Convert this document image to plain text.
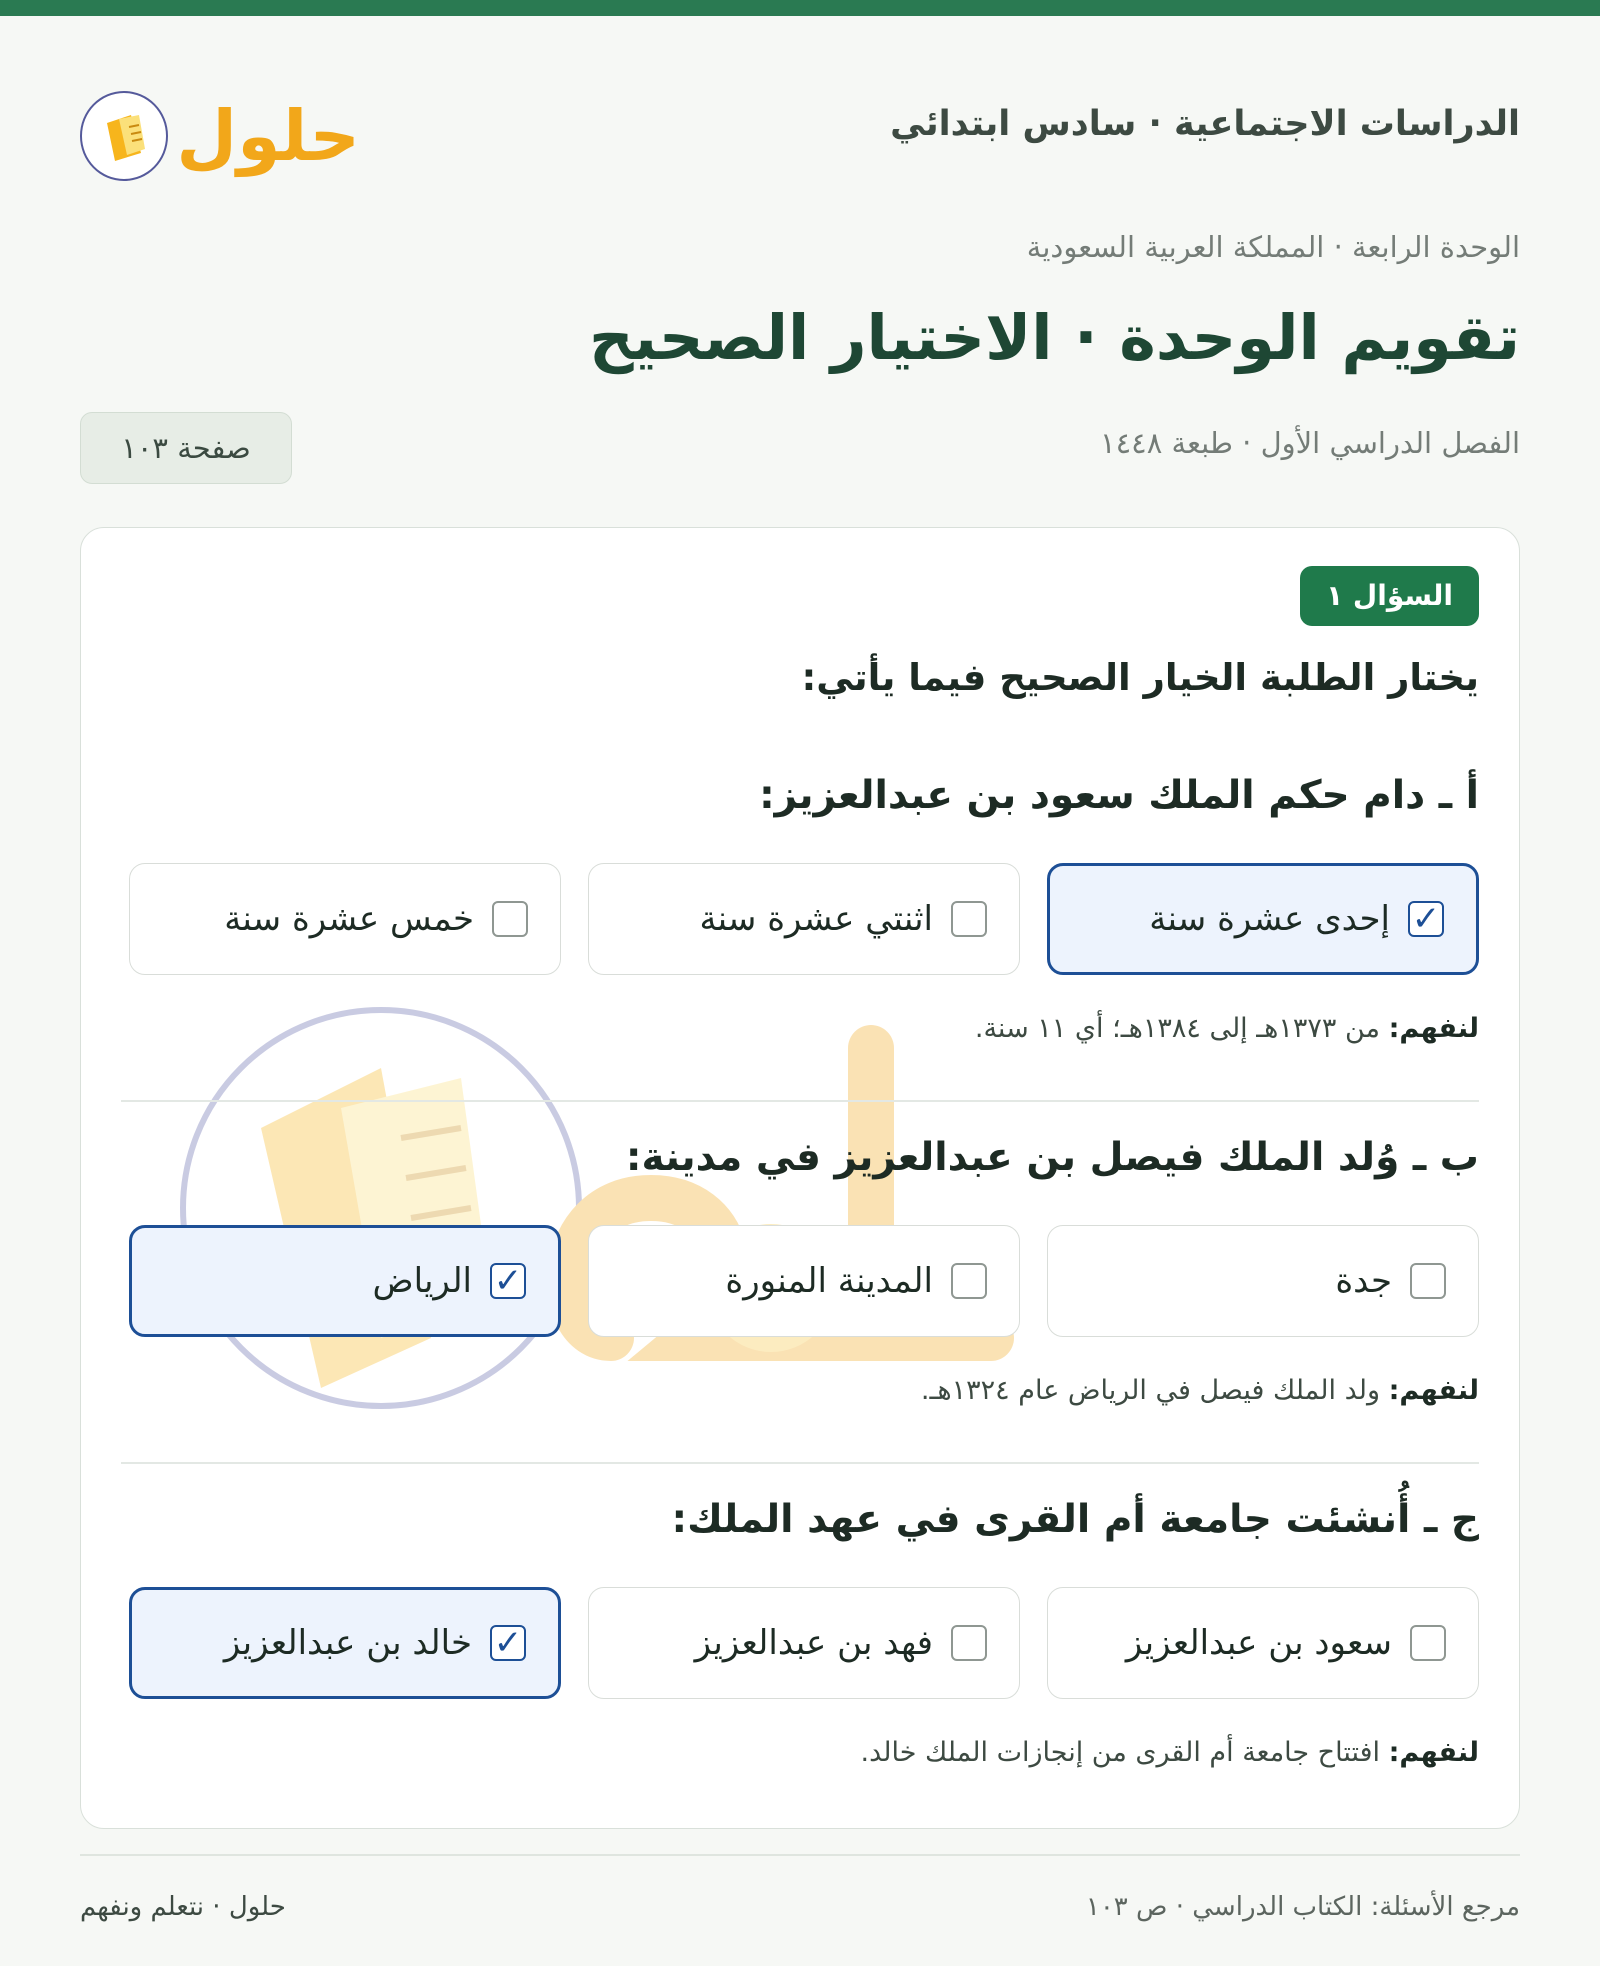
الدراسات الاجتماعية · سادس ابتدائي
حلول
الوحدة الرابعة · المملكة العربية السعودية
تقويم الوحدة · الاختيار الصحيح
الفصل الدراسي الأول · طبعة ١٤٤٨
صفحة ١٠٣
السؤال ١
يختار الطلبة الخيار الصحيح فيما يأتي:
أ ـ دام حكم الملك سعود بن عبدالعزيز:
✓
إحدى عشرة سنة
اثنتي عشرة سنة
خمس عشرة سنة
لنفهم: من ١٣٧٣هـ إلى ١٣٨٤هـ؛ أي ١١ سنة.
ب ـ وُلد الملك فيصل بن عبدالعزيز في مدينة:
جدة
المدينة المنورة
✓
الرياض
لنفهم: ولد الملك فيصل في الرياض عام ١٣٢٤هـ.
ج ـ أُنشئت جامعة أم القرى في عهد الملك:
سعود بن عبدالعزيز
فهد بن عبدالعزيز
✓
خالد بن عبدالعزيز
لنفهم: افتتاح جامعة أم القرى من إنجازات الملك خالد.
مرجع الأسئلة: الكتاب الدراسي · ص ١٠٣
حلول · نتعلم ونفهم
